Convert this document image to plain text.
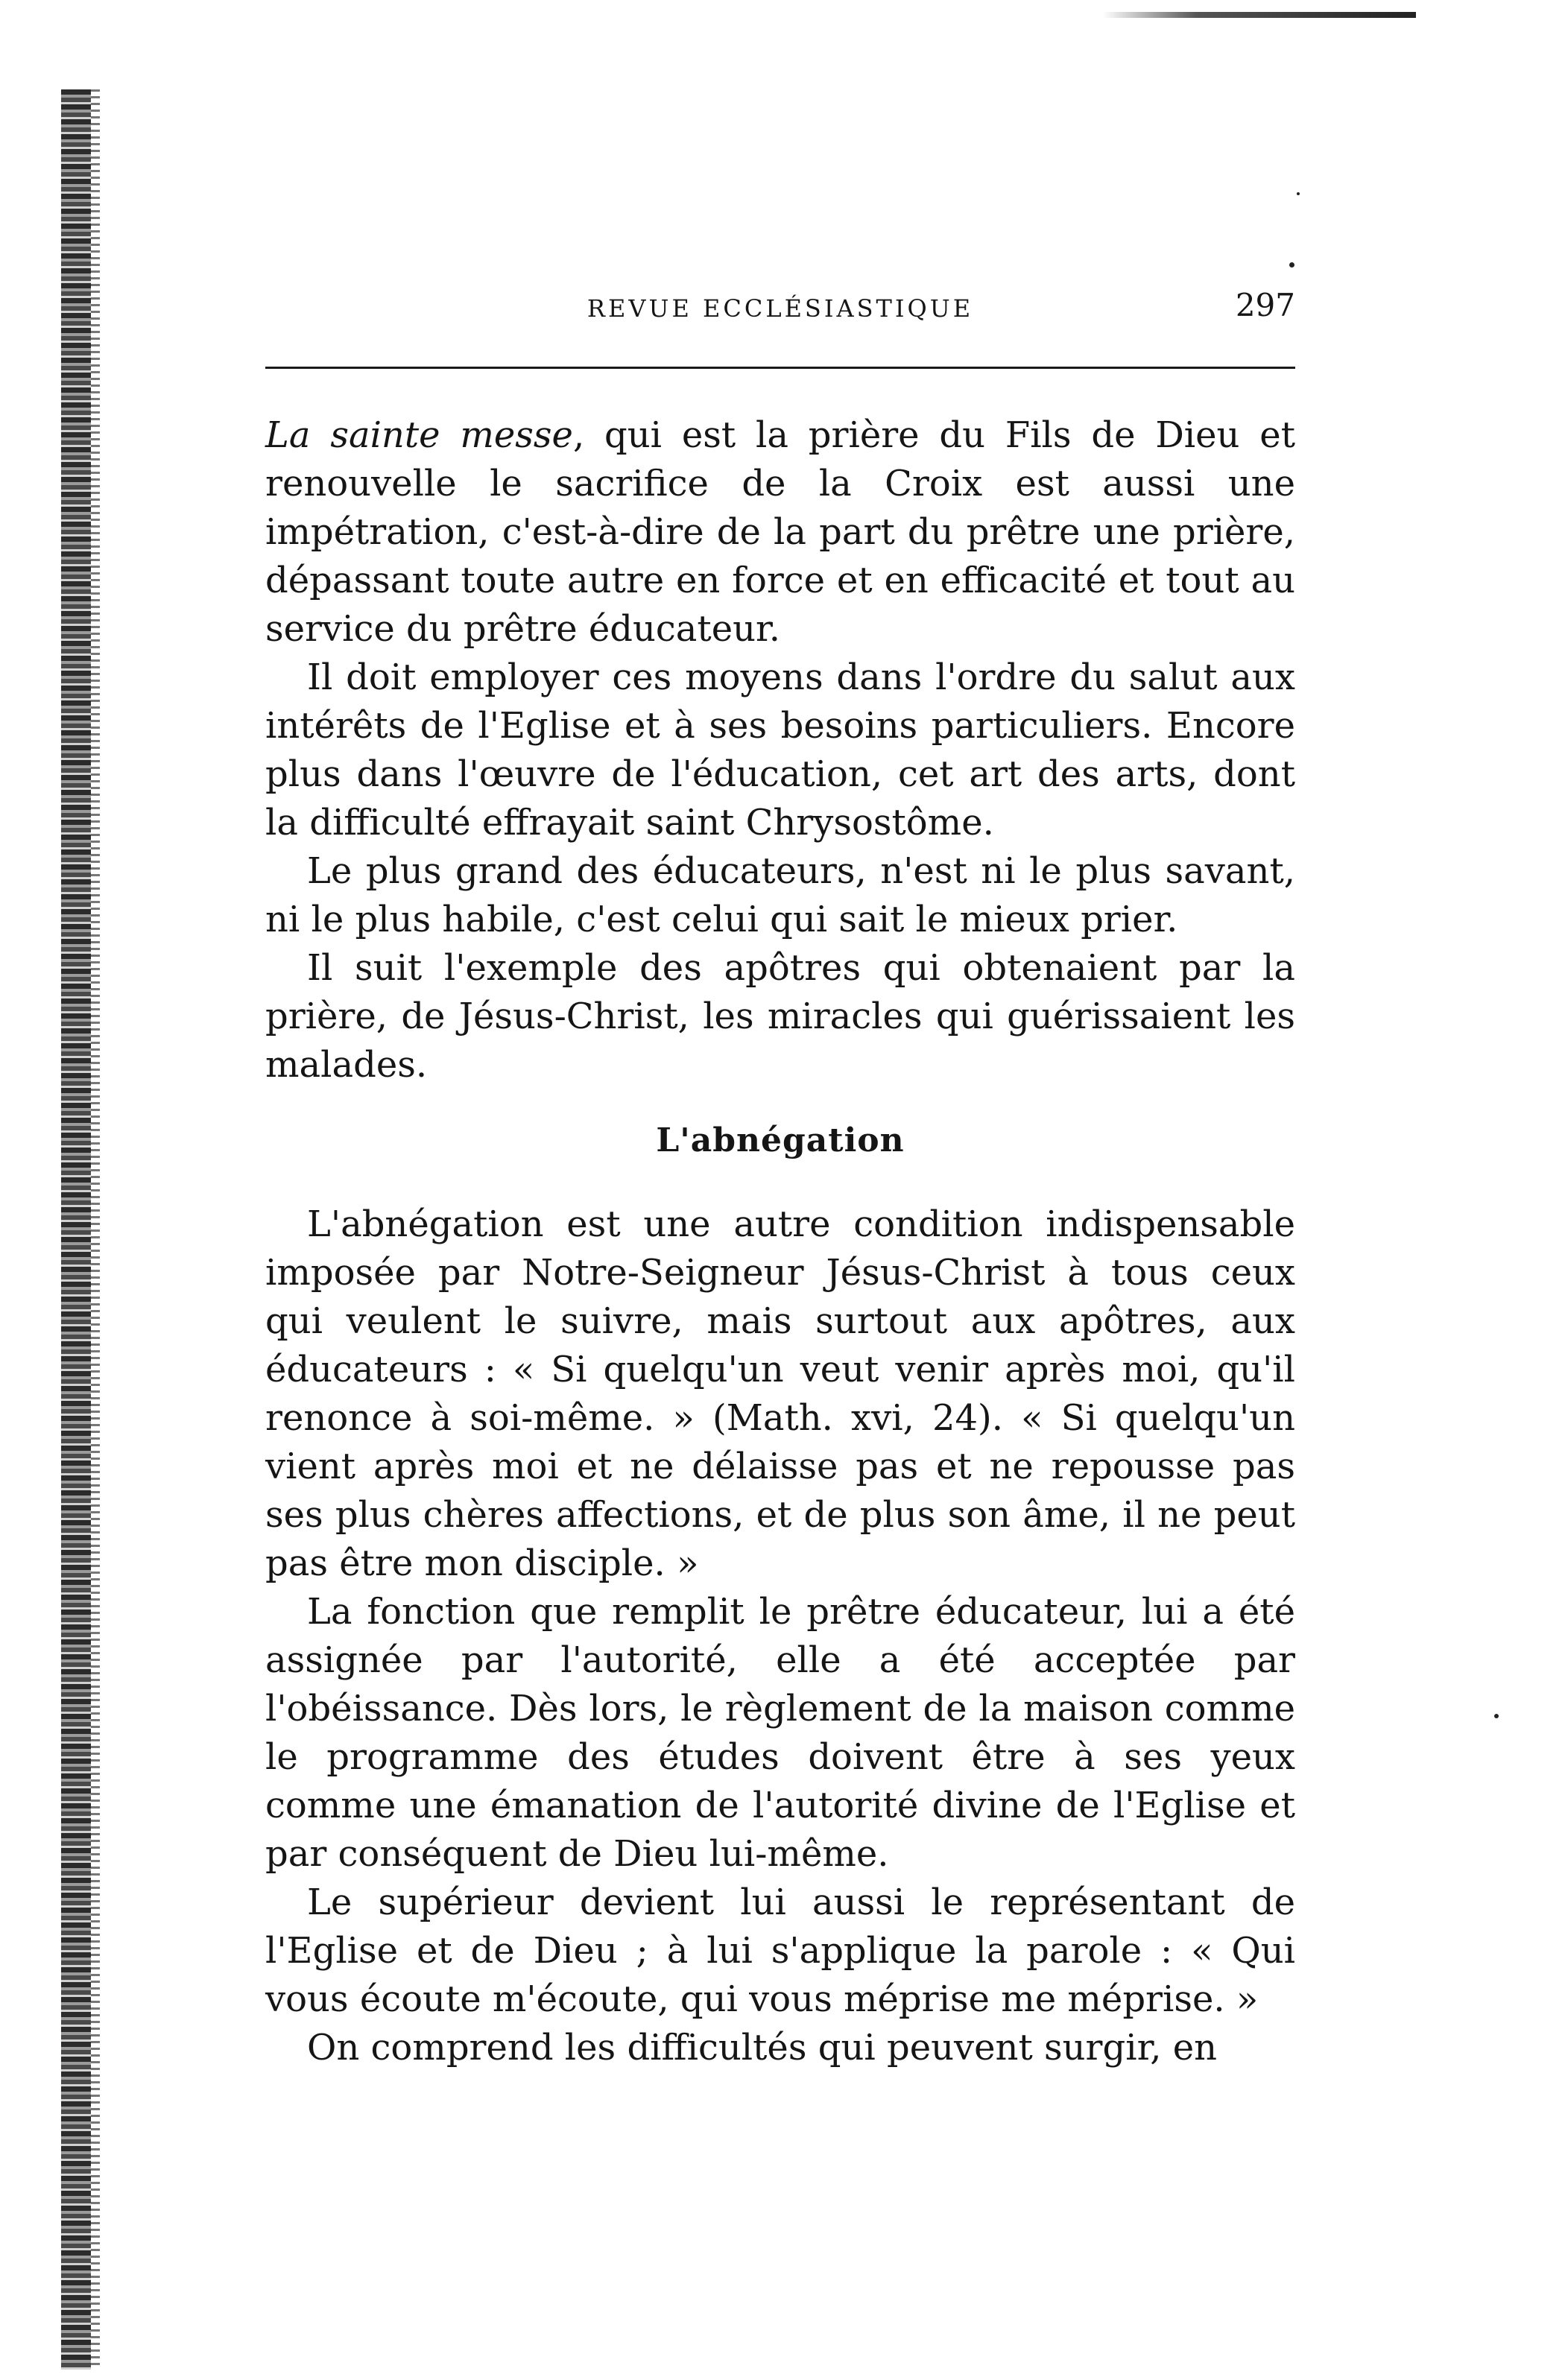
REVUE ECCLÉSIASTIQUE	297

La sainte messe, qui est la prière du Fils de Dieu et renouvelle le sacrifice de la Croix est aussi une impétration, c'est-à-dire de la part du prêtre une prière, dépassant toute autre en force et en efficacité et tout au service du prêtre éducateur.

Il doit employer ces moyens dans l'ordre du salut aux intérêts de l'Eglise et à ses besoins particuliers. Encore plus dans l'œuvre de l'éducation, cet art des arts, dont la difficulté effrayait saint Chrysostôme.

Le plus grand des éducateurs, n'est ni le plus savant, ni le plus habile, c'est celui qui sait le mieux prier.

Il suit l'exemple des apôtres qui obtenaient par la prière, de Jésus-Christ, les miracles qui guérissaient les malades.

L'abnégation

L'abnégation est une autre condition indispensable imposée par Notre-Seigneur Jésus-Christ à tous ceux qui veulent le suivre, mais surtout aux apôtres, aux éducateurs : « Si quelqu'un veut venir après moi, qu'il renonce à soi-même. » (Math. xvi, 24). « Si quelqu'un vient après moi et ne délaisse pas et ne repousse pas ses plus chères affections, et de plus son âme, il ne peut pas être mon disciple. »

La fonction que remplit le prêtre éducateur, lui a été assignée par l'autorité, elle a été acceptée par l'obéissance. Dès lors, le règlement de la maison comme le programme des études doivent être à ses yeux comme une émanation de l'autorité divine de l'Eglise et par conséquent de Dieu lui-même.

Le supérieur devient lui aussi le représentant de l'Eglise et de Dieu ; à lui s'applique la parole : « Qui vous écoute m'écoute, qui vous méprise me méprise. »

On comprend les difficultés qui peuvent surgir, en
